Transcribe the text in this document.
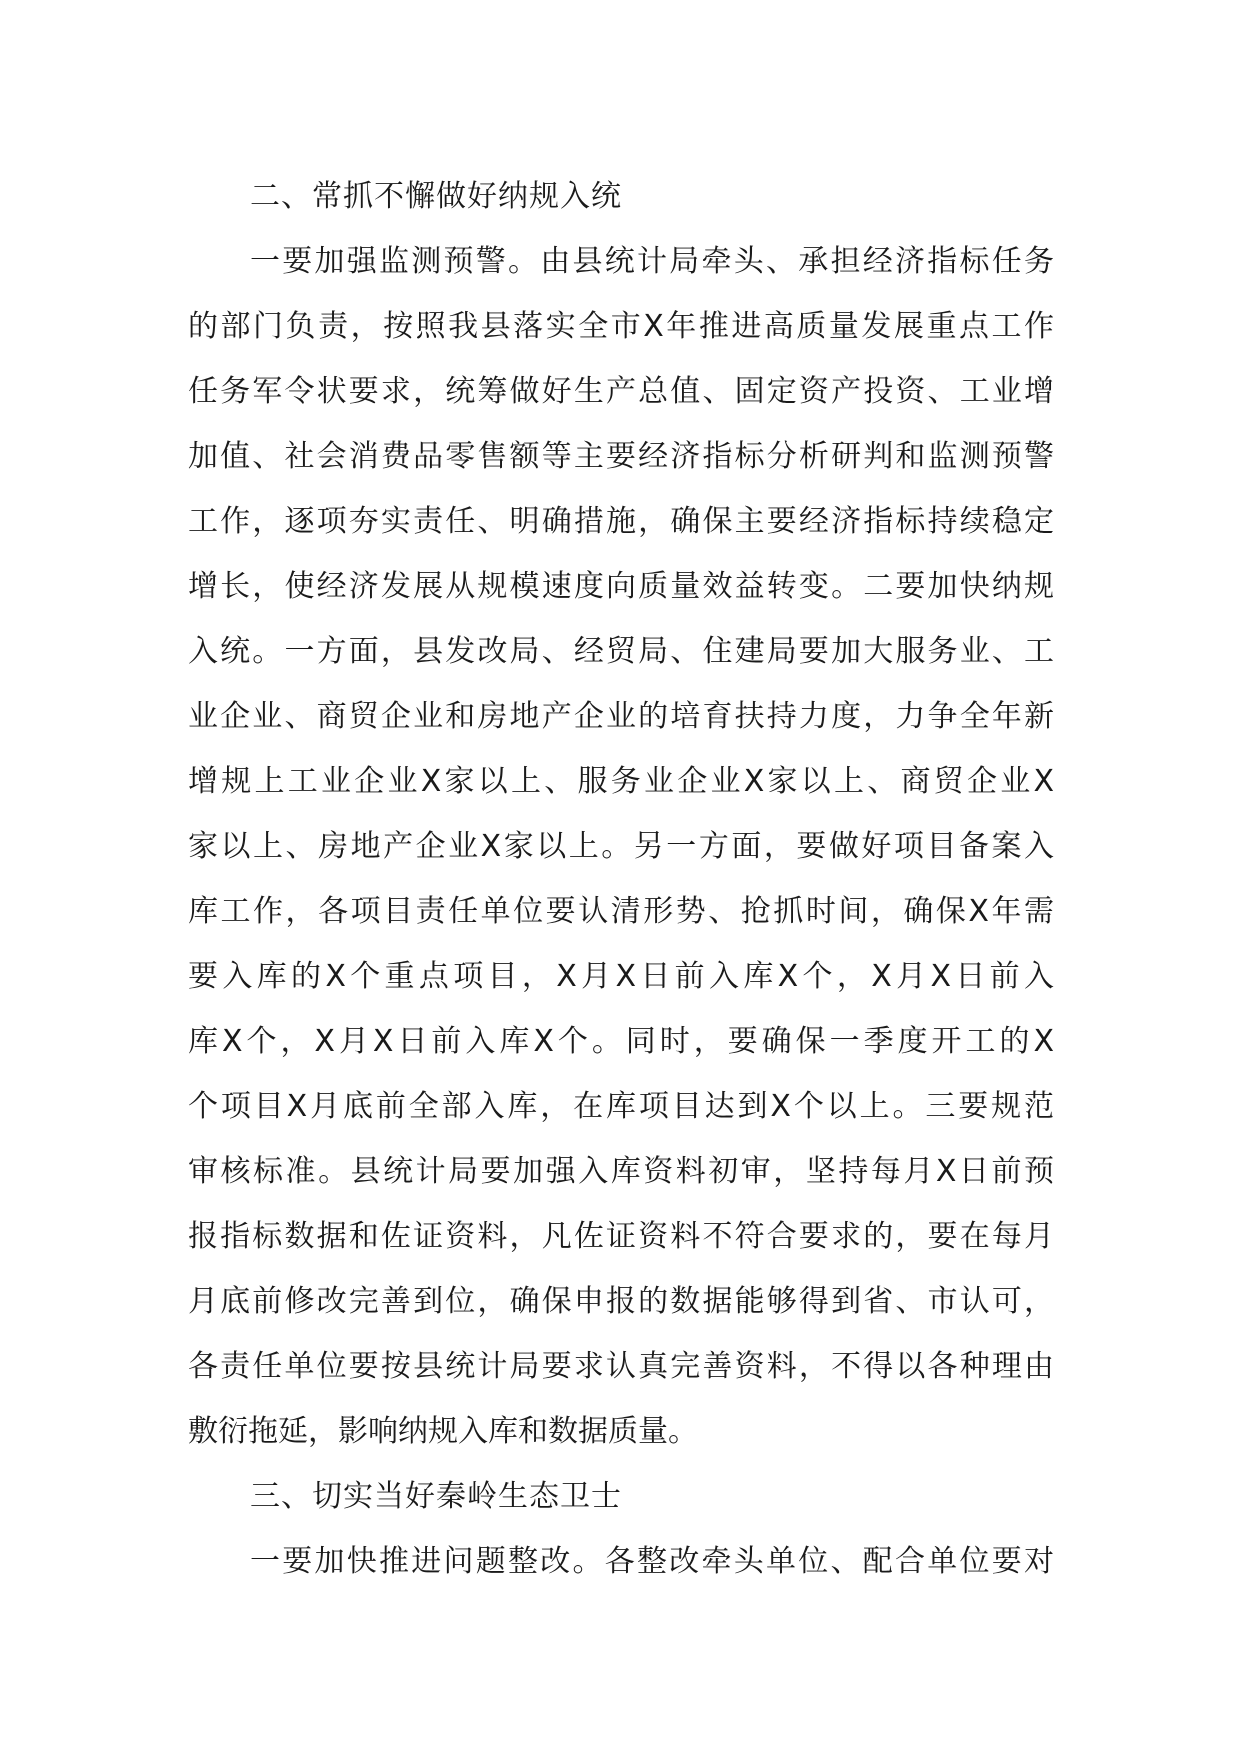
二、常抓不懈做好纳规入统

一要加强监测预警。由县统计局牵头、承担经济指标任务

的部门负责，按照我县落实全市X年推进高质量发展重点工作

任务军令状要求，统筹做好生产总值、固定资产投资、工业增

加值、社会消费品零售额等主要经济指标分析研判和监测预警

工作，逐项夯实责任、明确措施，确保主要经济指标持续稳定

增长，使经济发展从规模速度向质量效益转变。二要加快纳规

入统。一方面，县发改局、经贸局、住建局要加大服务业、工

业企业、商贸企业和房地产企业的培育扶持力度，力争全年新

增规上工业企业X家以上、服务业企业X家以上、商贸企业X

家以上、房地产企业X家以上。另一方面，要做好项目备案入

库工作，各项目责任单位要认清形势、抢抓时间，确保X年需

要入库的X个重点项目，X月X日前入库X个，X月X日前入

库X个，X月X日前入库X个。同时，要确保一季度开工的X

个项目X月底前全部入库，在库项目达到X个以上。三要规范

审核标准。县统计局要加强入库资料初审，坚持每月X日前预

报指标数据和佐证资料，凡佐证资料不符合要求的，要在每月

月底前修改完善到位，确保申报的数据能够得到省、市认可，

各责任单位要按县统计局要求认真完善资料，不得以各种理由

敷衍拖延，影响纳规入库和数据质量。

三、切实当好秦岭生态卫士

一要加快推进问题整改。各整改牵头单位、配合单位要对
